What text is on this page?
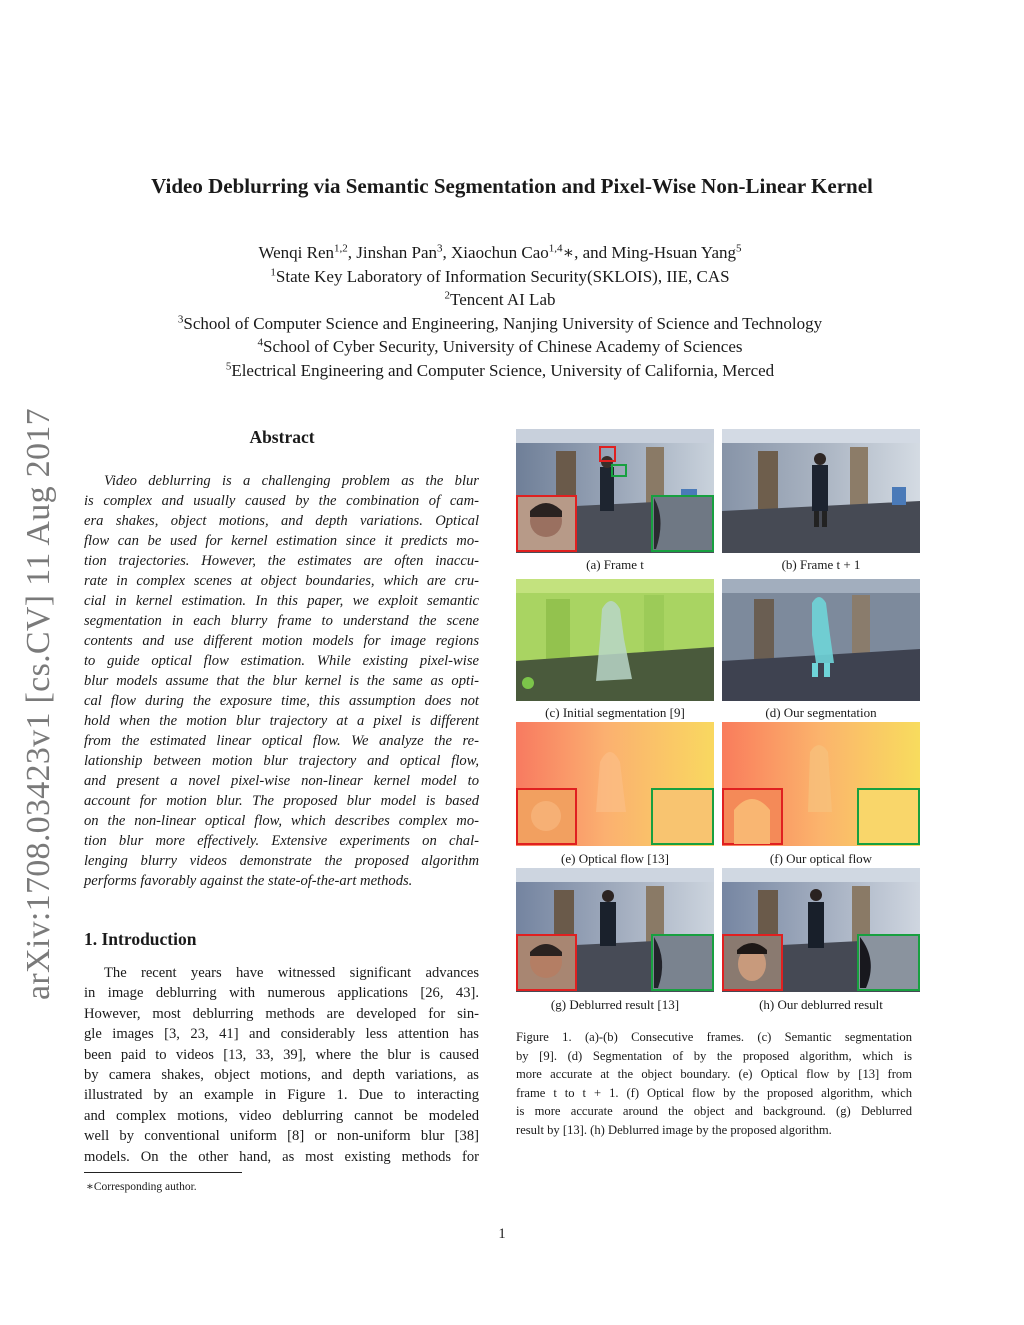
arXiv:1708.03423v1 [cs.CV] 11 Aug 2017
Video Deblurring via Semantic Segmentation and Pixel-Wise Non-Linear Kernel
Wenqi Ren$^{1,2}$, Jinshan Pan$^3$, Xiaochun Cao$^{1,4}$∗, and Ming-Hsuan Yang$^5$
$^1$State Key Laboratory of Information Security(SKLOIS), IIE, CAS
$^2$Tencent AI Lab
$^3$School of Computer Science and Engineering, Nanjing University of Science and Technology
$^4$School of Cyber Security, University of Chinese Academy of Sciences
$^5$Electrical Engineering and Computer Science, University of California, Merced
Abstract
Video deblurring is a challenging problem as the blur
is complex and usually caused by the combination of cam-
era shakes, object motions, and depth variations. Optical
flow can be used for kernel estimation since it predicts mo-
tion trajectories. However, the estimates are often inaccu-
rate in complex scenes at object boundaries, which are cru-
cial in kernel estimation. In this paper, we exploit semantic
segmentation in each blurry frame to understand the scene
contents and use different motion models for image regions
to guide optical flow estimation. While existing pixel-wise
blur models assume that the blur kernel is the same as opti-
cal flow during the exposure time, this assumption does not
hold when the motion blur trajectory at a pixel is different
from the estimated linear optical flow. We analyze the re-
lationship between motion blur trajectory and optical flow,
and present a novel pixel-wise non-linear kernel model to
account for motion blur. The proposed blur model is based
on the non-linear optical flow, which describes complex mo-
tion blur more effectively. Extensive experiments on chal-
lenging blurry videos demonstrate the proposed algorithm
performs favorably against the state-of-the-art methods.
1. Introduction
The recent years have witnessed significant advances
in image deblurring with numerous applications [26, 43].
However, most deblurring methods are developed for sin-
gle images [3, 23, 41] and considerably less attention has
been paid to videos [13, 33, 39], where the blur is caused
by camera shakes, object motions, and depth variations, as
illustrated by an example in Figure 1. Due to interacting
and complex motions, video deblurring cannot be modeled
well by conventional uniform [8] or non-uniform blur [38]
models. On the other hand, as most existing methods for
∗Corresponding author.
1
(a) Frame t	(b) Frame t + 1
(c) Initial segmentation [9]	(d) Our segmentation
(e) Optical flow [13]	(f) Our optical flow
(g) Deblurred result [13]	(h) Our deblurred result
Figure 1. (a)-(b) Consecutive frames. (c) Semantic segmentation
by [9]. (d) Segmentation of by the proposed algorithm, which is
more accurate at the object boundary. (e) Optical flow by [13] from
frame t to t + 1. (f) Optical flow by the proposed algorithm, which
is more accurate around the object and background. (g) Deblurred
result by [13]. (h) Deblurred image by the proposed algorithm.
